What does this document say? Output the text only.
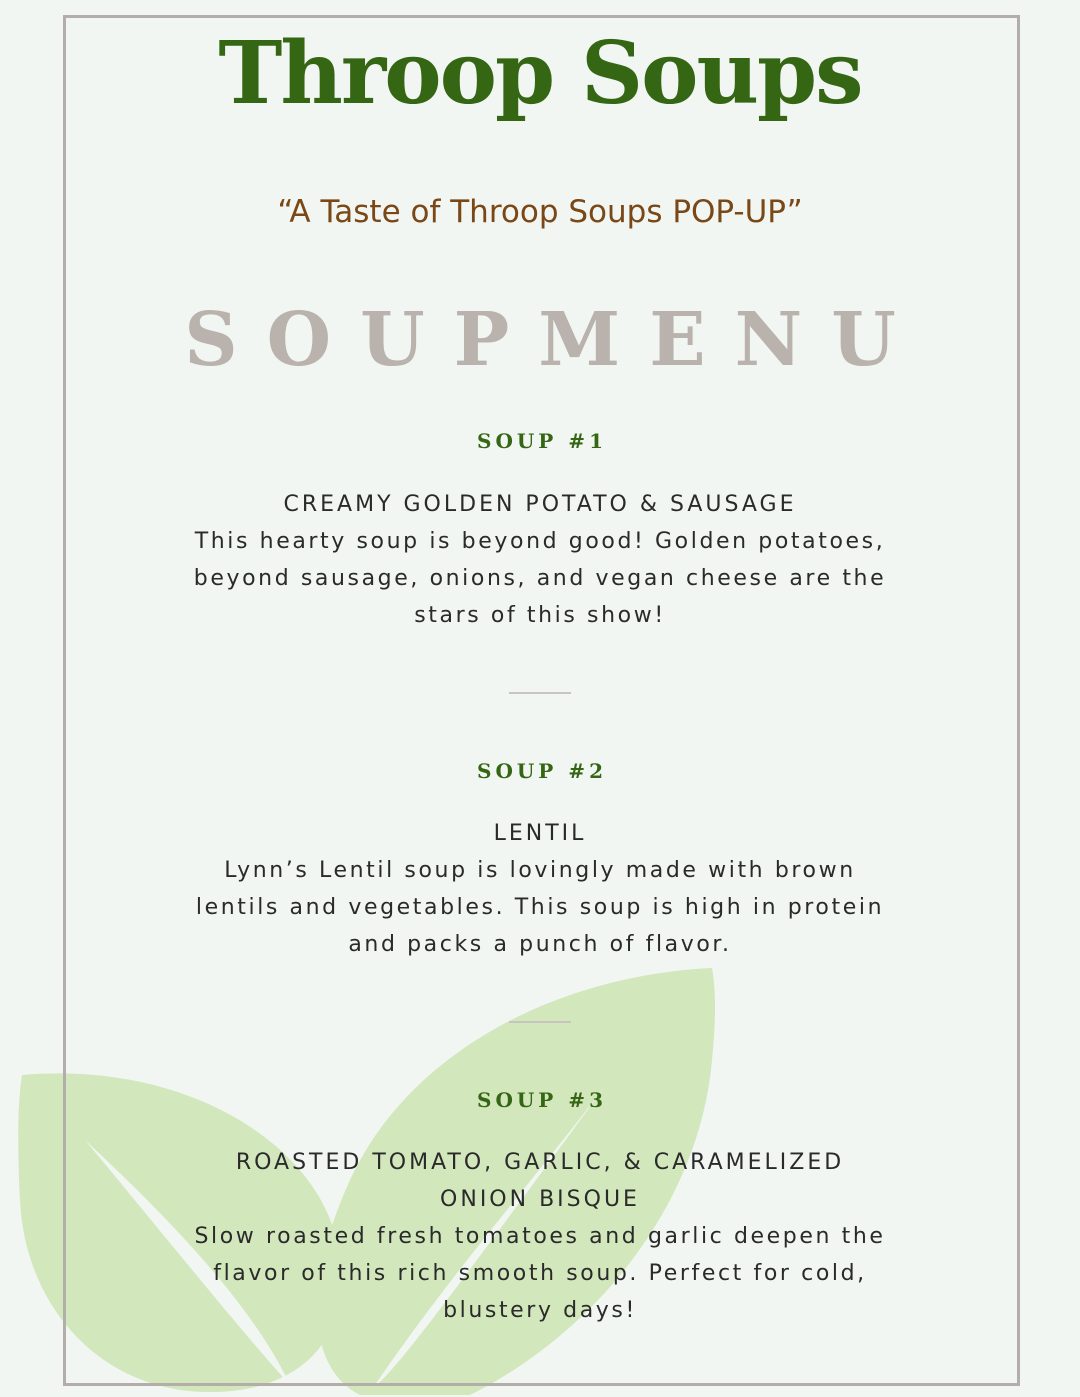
Throop Soups

“A Taste of Throop Soups POP-UP”

SOUPMENU
SOUP #1
CREAMY GOLDEN POTATO & SAUSAGE
This hearty soup is beyond good! Golden potatoes, beyond sausage, onions, and vegan cheese are the stars of this show!
SOUP #2
LENTIL
Lynn’s Lentil soup is lovingly made with brown lentils and vegetables. This soup is high in protein and packs a punch of flavor.
SOUP #3
ROASTED TOMATO, GARLIC, & CARAMELIZED ONION BISQUE
Slow roasted fresh tomatoes and garlic deepen the flavor of this rich smooth soup. Perfect for cold, blustery days!
